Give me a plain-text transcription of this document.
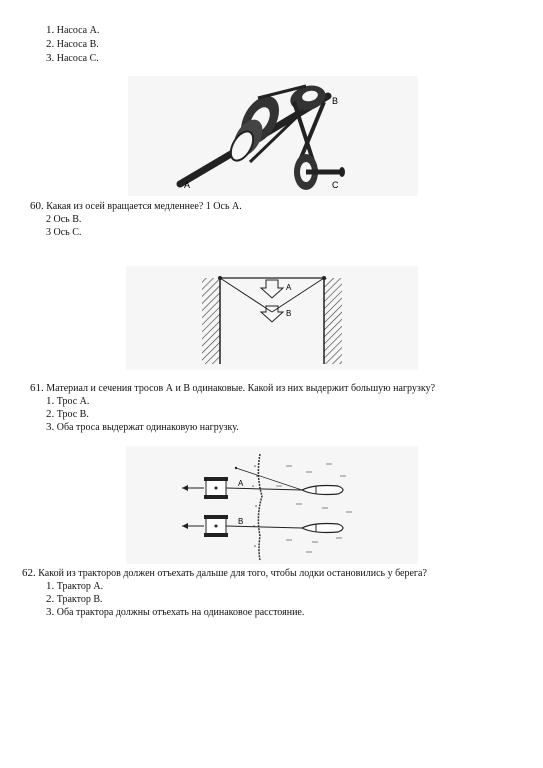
1. Насоса А.
2. Насоса В.
3. Насоса С.
A
B
C
60. Какая из осей вращается медленнее? 1 Ось А.
2 Ось В.
3 Ось С.
A
B
61. Материал и сечения тросов А и В одинаковые. Какой из них выдержит большую нагрузку?
1. Трос А.
2. Трос В.
3. Оба троса выдержат одинаковую нагрузку.
A
B
62. Какой из тракторов должен отъехать дальше для того, чтобы лодки остановились у берега?
1. Трактор А.
2. Трактор В.
3. Оба трактора должны отъехать на одинаковое расстояние.
